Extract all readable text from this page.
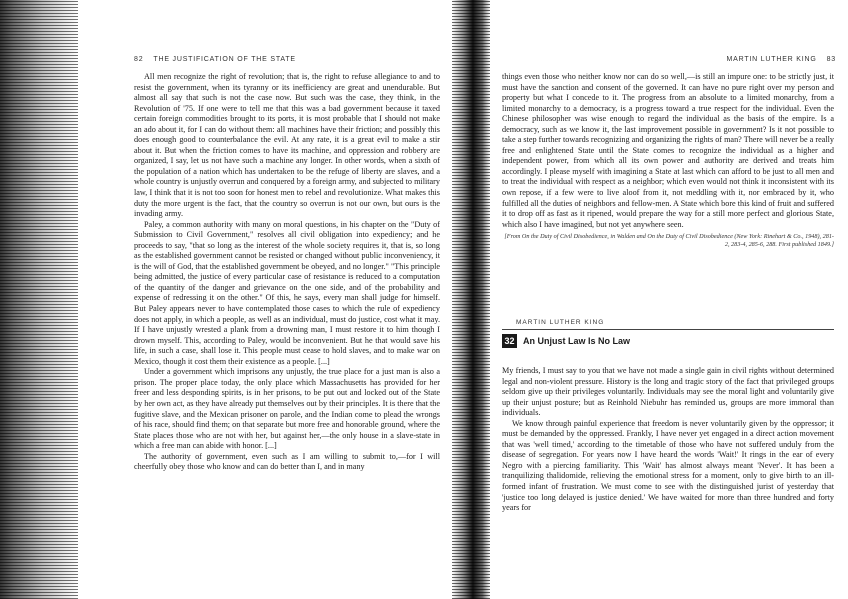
82 THE JUSTIFICATION OF THE STATE

All men recognize the right of revolution; that is, the right to refuse allegiance to and to resist the government, when its tyranny or its inefficiency are great and unendurable. But almost all say that such is not the case now. But such was the case, they think, in the Revolution of '75. If one were to tell me that this was a bad government because it taxed certain foreign commodities brought to its ports, it is most probable that I should not make an ado about it, for I can do without them: all machines have their friction; and possibly this does enough good to counterbalance the evil. At any rate, it is a great evil to make a stir about it. But when the friction comes to have its machine, and oppression and robbery are organized, I say, let us not have such a machine any longer. In other words, when a sixth of the population of a nation which has undertaken to be the refuge of liberty are slaves, and a whole country is unjustly overrun and conquered by a foreign army, and subjected to military law, I think that it is not too soon for honest men to rebel and revolutionize. What makes this duty the more urgent is the fact, that the country so overrun is not our own, but ours is the invading army.

Paley, a common authority with many on moral questions, in his chapter on the "Duty of Submission to Civil Government," resolves all civil obligation into expediency; and he proceeds to say, "that so long as the interest of the whole society requires it, that is, so long as the established government cannot be resisted or changed without public inconveniency, it is the will of God, that the established government be obeyed, and no longer." "This principle being admitted, the justice of every particular case of resistance is reduced to a computation of the quantity of the danger and grievance on the one side, and of the probability and expense of redressing it on the other." Of this, he says, every man shall judge for himself. But Paley appears never to have contemplated those cases to which the rule of expediency does not apply, in which a people, as well as an individual, must do justice, cost what it may. If I have unjustly wrested a plank from a drowning man, I must restore it to him though I drown myself. This, according to Paley, would be inconvenient. But he that would save his life, in such a case, shall lose it. This people must cease to hold slaves, and to make war on Mexico, though it cost them their existence as a people. [...]

Under a government which imprisons any unjustly, the true place for a just man is also a prison. The proper place today, the only place which Massachusetts has provided for her freer and less desponding spirits, is in her prisons, to be put out and locked out of the State by her own act, as they have already put themselves out by their principles. It is there that the fugitive slave, and the Mexican prisoner on parole, and the Indian come to plead the wrongs of his race, should find them; on that separate but more free and honorable ground, where the State places those who are not with her, but against her,—the only house in a slave-state in which a free man can abide with honor. [...]

The authority of government, even such as I am willing to submit to,—for I will cheerfully obey those who know and can do better than I, and in many

MARTIN LUTHER KING 83

things even those who neither know nor can do so well,—is still an impure one: to be strictly just, it must have the sanction and consent of the governed. It can have no pure right over my person and property but what I concede to it. The progress from an absolute to a limited monarchy, from a limited monarchy to a democracy, is a progress toward a true respect for the individual. Even the Chinese philosopher was wise enough to regard the individual as the basis of the empire. Is a democracy, such as we know it, the last improvement possible in government? Is it not possible to take a step further towards recognizing and organizing the rights of man? There will never be a really free and enlightened State until the State comes to recognize the individual as a higher and independent power, from which all its own power and authority are derived and treats him accordingly. I please myself with imagining a State at last which can afford to be just to all men and to treat the individual with respect as a neighbor; which even would not think it inconsistent with its own repose, if a few were to live aloof from it, not meddling with it, nor embraced by it, who fulfilled all the duties of neighbors and fellow-men. A State which bore this kind of fruit and suffered it to drop off as fast as it ripened, would prepare the way for a still more perfect and glorious State, which also I have imagined, but not yet anywhere seen.

[From On the Duty of Civil Disobedience, in Walden and On the Duty of Civil Disobedience (New York: Rinehart & Co., 1948), 281-2, 283-4, 285-6, 288. First published 1849.]
MARTIN LUTHER KING
32 An Unjust Law Is No Law

My friends, I must say to you that we have not made a single gain in civil rights without determined legal and non-violent pressure. History is the long and tragic story of the fact that privileged groups seldom give up their privileges voluntarily. Individuals may see the moral light and voluntarily give up their unjust posture; but as Reinhold Niebuhr has reminded us, groups are more immoral than individuals.

We know through painful experience that freedom is never voluntarily given by the oppressor; it must be demanded by the oppressed. Frankly, I have never yet engaged in a direct action movement that was 'well timed,' according to the timetable of those who have not suffered unduly from the disease of segregation. For years now I have heard the words 'Wait!' It rings in the ear of every Negro with a piercing familiarity. This 'Wait' has almost always meant 'Never'. It has been a tranquilizing thalidomide, relieving the emotional stress for a moment, only to give birth to an ill-formed infant of frustration. We must come to see with the distinguished jurist of yesterday that 'justice too long delayed is justice denied.' We have waited for more than three hundred and forty years for
